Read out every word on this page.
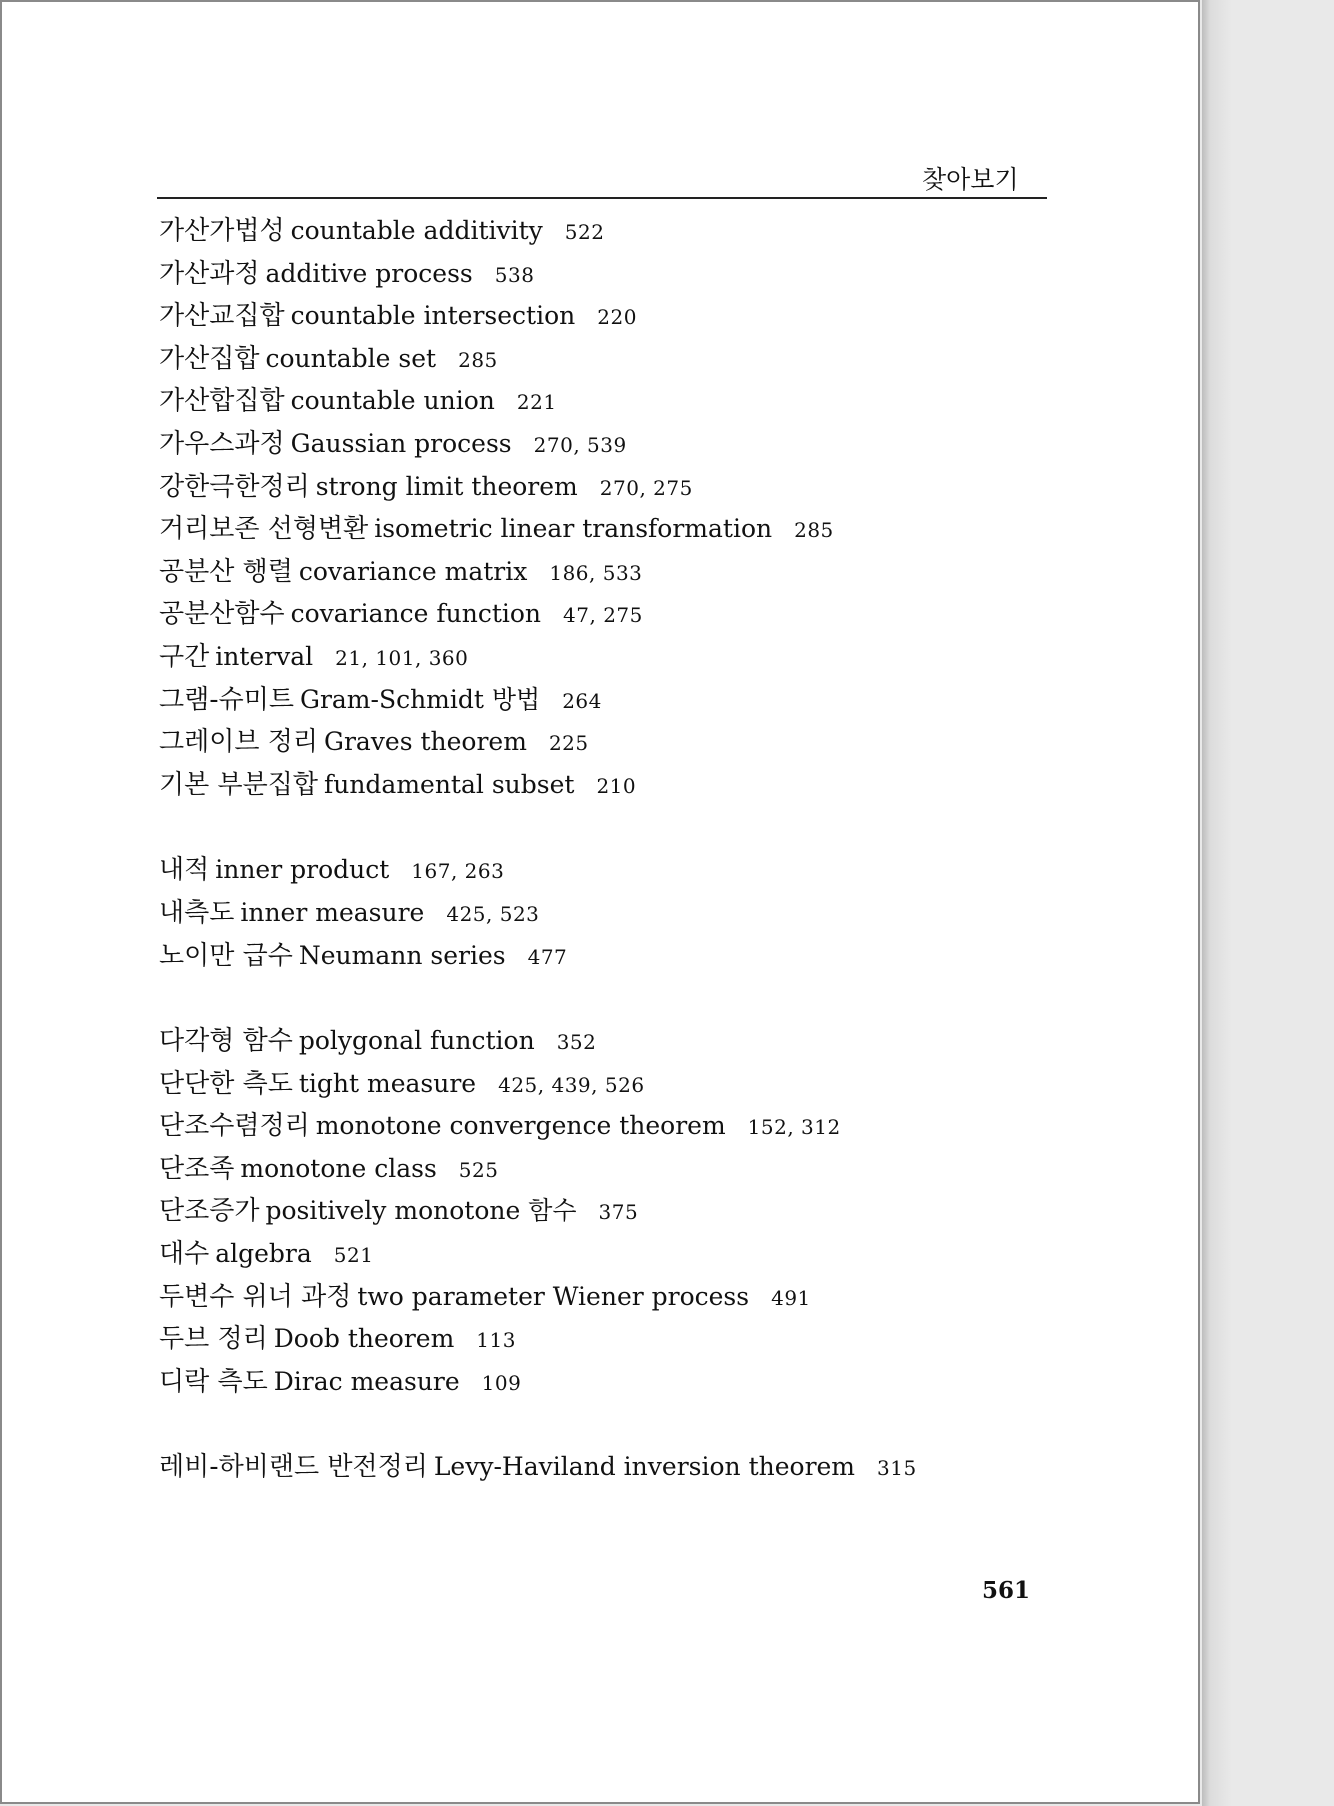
찾아보기
가산가법성 countable additivity 522
가산과정 additive process 538
가산교집합 countable intersection 220
가산집합 countable set 285
가산합집합 countable union 221
가우스과정 Gaussian process 270, 539
강한극한정리 strong limit theorem 270, 275
거리보존 선형변환 isometric linear transformation 285
공분산 행렬 covariance matrix 186, 533
공분산함수 covariance function 47, 275
구간 interval 21, 101, 360
그램-슈미트 Gram-Schmidt 방법 264
그레이브 정리 Graves theorem 225
기본 부분집합 fundamental subset 210
내적 inner product 167, 263
내측도 inner measure 425, 523
노이만 급수 Neumann series 477
다각형 함수 polygonal function 352
단단한 측도 tight measure 425, 439, 526
단조수렴정리 monotone convergence theorem 152, 312
단조족 monotone class 525
단조증가 positively monotone 함수 375
대수 algebra 521
두변수 위너 과정 two parameter Wiener process 491
두브 정리 Doob theorem 113
디락 측도 Dirac measure 109
레비-하비랜드 반전정리 Levy-Haviland inversion theorem 315
561
